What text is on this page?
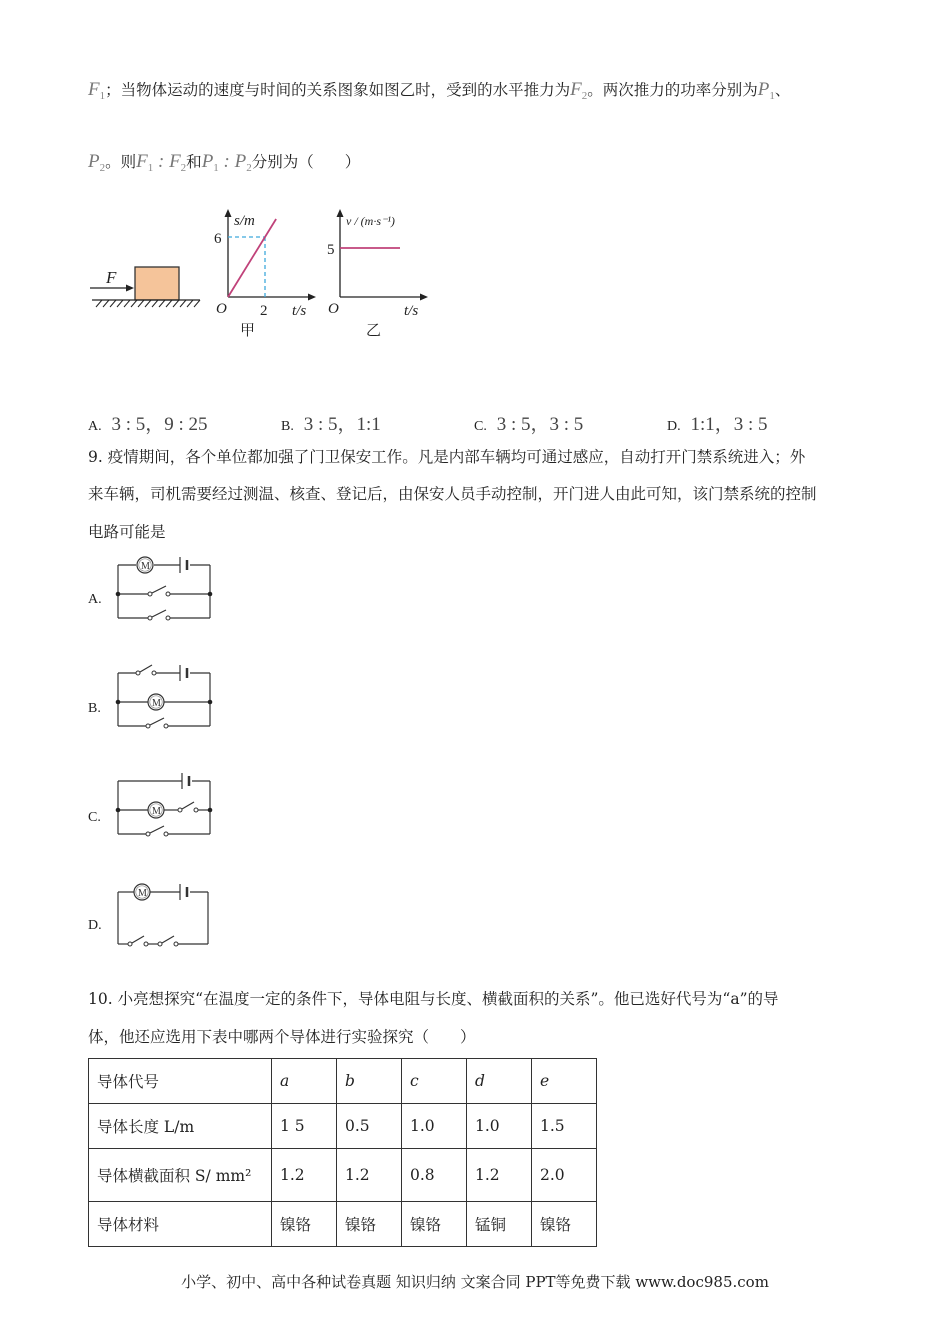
$F_1$；当物体运动的速度与时间的关系图象如图乙时，受到的水平推力为$F_2$。两次推力的功率分别为$P_1$、
$P_2$。则$F_1$ : $F_2$和$P_1$ : $P_2$分别为（　　）
F
s/m
6
2 t/s
O
甲
v / (m·s⁻¹)
5
t/s
O
乙
A. 3 : 5，9 : 25	B. 3 : 5，1:1	C. 3 : 5，3 : 5	D. 1:1，3 : 5
9. 疫情期间，各个单位都加强了门卫保安工作。凡是内部车辆均可通过感应，自动打开门禁系统进入；外
来车辆，司机需要经过测温、核查、登记后，由保安人员手动控制，开门进人由此可知，该门禁系统的控制
电路可能是
A.
M
B.	M
C.	M
D.
M
10. 小亮想探究“在温度一定的条件下，导体电阻与长度、横截面积的关系”。他已选好代号为“a”的导
体，他还应选用下表中哪两个导体进行实验探究（　　）
导体代号	a	b	c	d	e
导体长度 L/m	1 5	0.5	1.0	1.0	1.5
导体横截面积 S/ mm²	1.2	1.2	0.8	1.2	2.0
导体材料	镍铬	镍铬	镍铬	锰铜	镍铬
小学、初中、高中各种试卷真题 知识归纳 文案合同 PPT等免费下载 www.doc985.com
